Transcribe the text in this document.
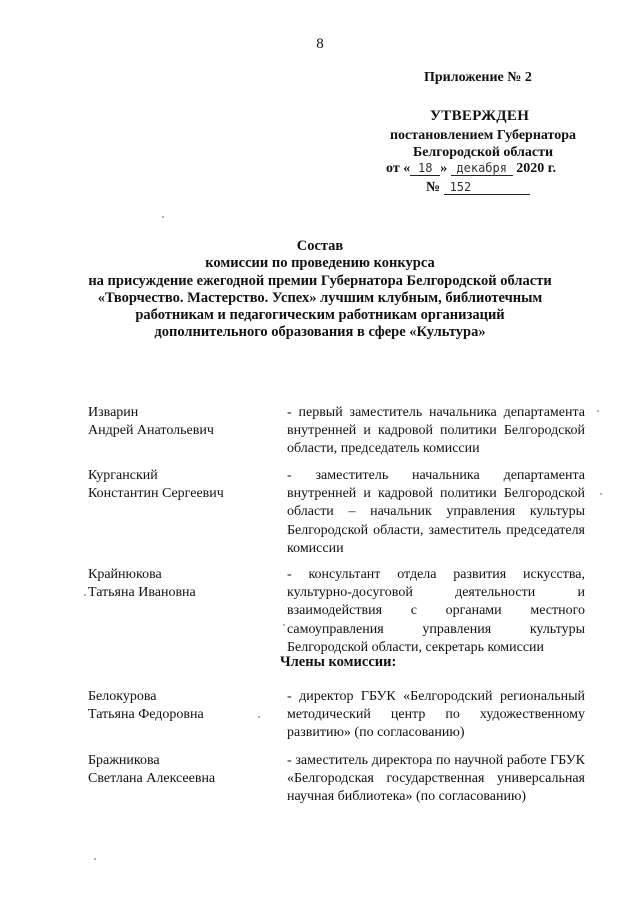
8
Приложение № 2
УТВЕРЖДЕН
постановлением Губернатора
Белгородской области
от « 18 » декабря 2020 г.
№ 152
Состав
комиссии по проведению конкурса
на присуждение ежегодной премии Губернатора Белгородской области
«Творчество. Мастерство. Успех» лучшим клубным, библиотечным
работникам и педагогическим работникам организаций
дополнительного образования в сфере «Культура»
Изварин
Андрей Анатольевич
- первый заместитель начальника департамента внутренней и кадровой политики Белгородской области, председатель комиссии
Курганский
Константин Сергеевич
- заместитель начальника департамента внутренней и кадровой политики Белгородской области – начальник управления культуры Белгородской области, заместитель председателя комиссии
Крайнюкова
Татьяна Ивановна
- консультант отдела развития искусства, культурно-досуговой деятельности и взаимодействия с органами местного самоуправления управления культуры Белгородской области, секретарь комиссии
Члены комиссии:
Белокурова
Татьяна Федоровна
- директор ГБУК «Белгородский региональный методический центр по художественному развитию» (по согласованию)
Бражникова
Светлана Алексеевна
- заместитель директора по научной работе ГБУК «Белгородская государственная универсальная научная библиотека» (по согласованию)
